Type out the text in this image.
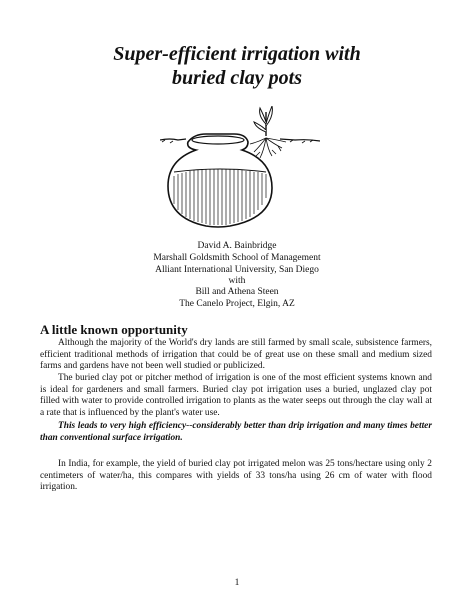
Super-efficient irrigation with
buried clay pots
David A. Bainbridge
Marshall Goldsmith School of Management
Alliant International University, San Diego
with
Bill and Athena Steen
The Canelo Project, Elgin, AZ
A little known opportunity
Although the majority of the World's dry lands are still farmed by small scale, subsistence farmers, efficient traditional methods of irrigation that could be of great use on these small and medium sized farms and gardens have not been well studied or publicized.
The buried clay pot or pitcher method of irrigation is one of the most efficient systems known and is ideal for gardeners and small farmers. Buried clay pot irrigation uses a buried, unglazed clay pot filled with water to provide controlled irrigation to plants as the water seeps out through the clay wall at a rate that is influenced by the plant's water use.
This leads to very high efficiency--considerably better than drip irrigation and many times better than conventional surface irrigation.
In India, for example, the yield of buried clay pot irrigated melon was 25 tons/hectare using only 2 centimeters of water/ha, this compares with yields of 33 tons/ha using 26 cm of water with flood irrigation.
1
